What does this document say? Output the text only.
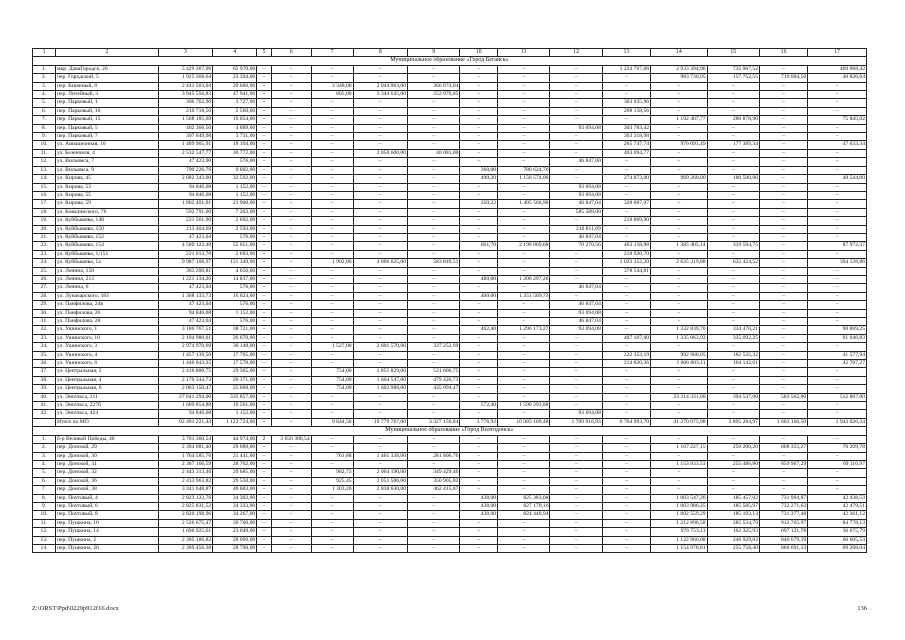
1	2	3	4	5	6	7	8	9	10	11	12	13	14	15	16	17
Муниципальное образование «Город Бегайск»																
1.	мкр. ДаваГородск, 26	5 429 367,96	65 970,00	–	–	–	–	–	–	–	–	1 224 767,06	2 933 394,96	735 967,52	–	469 068,42
2.	пер. Городский, 5	1 925 368,64	23 394,00	–	–	–	–	–	–	–	–	–	983 730,95	157 752,55	719 604,50	40 826,64
3.	пер. Книжный, 8	2 441 503,04	29 666,00	–	–	3 348,00	2 044 963,00	366 874,04	–	–	–	–	–	–	–	–
4.	пер. Литейный, 3	3 945 556,83	47 941,00	–	–	805,00	3 344 645,00	552 970,85	–	–	–	–	–	–	–	–
5.	пер. Парковый, 1	306 762,96	3 727,00	–	–	–	–	–	–	–	–	303 035,96	–	–	–	–
6.	пер. Парковый, 10	210 718,56	2 560,00	–	–	–	–	–	–	–	–	208 158,56	–	–	–	–
7.	пер. Парковый, 15	1 568 185,69	19 054,00	–	–	–	–	–	–	–	–	–	1 192 407,77	280 878,90	–	75 845,02
8.	пер. Парковый, 5	402 366,50	4 889,00	–	–	–	–	–	–	–	93 694,08	303 783,42	–	–	–	–
9.	пер. Парковый, 7	307 049,98	3 731,00	–	–	–	–	–	–	–	–	303 318,98	–	–	–	–
10.	ул. Авиационная, 10	1 489 965,91	18 104,00	–	–	–	–	–	–	–	–	265 747,74	976 091,49	177 389,34	–	47 633,34
11.	ул. Безенчеля, 4	2 532 547,77	30 772,00	–	–	–	2 058 600,00	40 081,00	–	–	–	403 094,77	–	–	–	–
12.	ул. Вильямса, 7	47 423,00	576,00	–	–	–	–	–	–	–	46 847,00	–	–	–	–	–
13.	ул. Вильямса, 9	790 226,76	9 602,00	–	–	–	–	–	360,00	780 624,76	–	–	–	–	–	–
14.	ул. Кирова, 45	2 682 343,00	32 592,00	–	–	–	–	–	490,20	1 156 574,00	–	274 873,00	969 260,00	180 500,00	–	48 544,00
15.	ул. Кирова, 53	94 846,08	1 152,00	–	–	–	–	–	–	–	93 694,08	–	–	–	–	–
16.	ул. Кирова, 55	94 846,08	1 152,00	–	–	–	–	–	–	–	93 694,08	–	–	–	–	–
17.	ул. Кирова, 59	1 802 401,01	21 900,00	–	–	–	–	–	350,22	1 405 566,90	46 847,04	328 087,07	–	–	–	–
18.	ул. Ковалинского, 76	592 791,00	7 203,00	–	–	–	–	–	–	–	585 588,00	–	–	–	–	–
19.	ул. Куйбышева, 148	221 561,90	2 692,00	–	–	–	–	–	–	–	–	218 869,90	–	–	–	–
20.	ул. Куйбышева, 150	213 404,69	2 593,00	–	–	–	–	–	–	–	210 811,69	–	–	–	–	–
21.	ул. Куйбышева, 152	47 423,04	576,00	–	–	–	–	–	–	–	46 847,04	–	–	–	–	–
22.	ул. Куйбышева, 154	4 580 122,48	55 651,00	–	–	–	–	–	661,70	2 198 069,68	70 270,56	463 158,98	1 385 405,14	319 594,75	–	87 972,37
23.	ул. Куйбышева, 1/151	221 613,70	2 693,00	–	–	–	–	–	–	–	–	218 920,70	–	–	–	–
24.	ул. Куйбышева, 1а	9 987 108,97	121 349,00	–	–	1 902,00	4 606 625,00	583 849,51	–	–	–	1 023 352,20	2 625 319,88	632 424,52	–	394 128,86
25.	ул. Ленина, 158	383 200,81	4 656,00	–	–	–	–	–	–	–	–	378 544,81	–	–	–	–
26.	ул. Ленина, 213	1 221 134,26	14 837,00	–	–	–	–	–	480,00	1 206 297,26	–	–	–	–	–	–
27.	ул. Ленина, 6	47 423,04	576,00	–	–	–	–	–	–	–	46 847,04	–	–	–	–	–
28.	ул. Луначарского, 183	1 368 133,73	16 624,00	–	–	–	–	–	400,00	1 351 509,73	–	–	–	–	–	–
29.	ул. Панфилова, 24в	47 423,04	576,00	–	–	–	–	–	–	–	46 847,04	–	–	–	–	–
30.	ул. Панфилова, 26	94 846,08	1 152,00	–	–	–	–	–	–	–	93 694,08	–	–	–	–	–
31.	ул. Панфилова, 28	47 423,04	576,00	–	–	–	–	–	–	–	46 847,04	–	–	–	–	–
32.	ул. Ушинского, 1	3 186 767,51	38 721,00	–	–	–	–	–	462,40	1 296 173,27	93 694,08	–	1 332 839,70	334 470,21	–	90 869,25
33.	ул. Ушинского, 10	2 194 980,01	26 670,00	–	–	–	–	–	–	–	–	407 107,00	1 335 063,93	335 092,25	–	91 046,83
34.	ул. Ушинского, 3	2 974 970,69	36 148,00	–	–	1 527,00	2 601 570,00	337 252,69	–	–	–	–	–	–	–	–
35.	ул. Ушинского, 4	1 457 139,50	17 705,00	–	–	–	–	–	–	–	–	222 353,19	992 968,05	182 535,32	–	41 577,94
36.	ул. Ушинского, 6	1 446 043,35	17 570,00	–	–	–	–	–	–	–	–	214 820,36	1 006 803,11	164 142,61	–	42 707,27
37.	ул. Центральная, 2	2 416 800,75	29 365,00	–	–	754,00	1 855 829,00	531 606,75	–	–	–	–	–	–	–	–
38.	ул. Центральная, 4	2 170 344,73	26 371,00	–	–	754,00	1 664 547,00	479 426,73	–	–	–	–	–	–	–	–
39.	ул. Центральная, 6	2 063 150,47	25 068,00	–	–	754,00	1 602 988,00	435 094,47	–	–	–	–	–	–	–	–
40.	ул. Энгельса, 211	27 641 294,00	335 857,00	–	–	–	–	–	–	–	–	–	23 314 331,00	394 537,00	583 562,00	512 807,00
41.	ул. Энгельса, 227б	1 609 854,88	19 561,00	–	–	–	–	–	572,40	1 590 293,88	–	–	–	–	–	–
42.	ул. Энгельса, 424	94 846,08	1 152,00	–	–	–	–	–	–	–	93 694,08	–	–	–	–	–
	Итого по МО	92 401 221,44	1 122 724,00	–	–	9 844,50	19 779 767,00	3 327 156,04	3 776,92	10 985 109,48	1 709 916,93	6 764 993,70	41 270 075,98	3 895 284,97	1 603 166,50	1 943 026,34
Муниципальное образование «Город Волгодонск»																
1.	б-р Великой Победы, 40	3 701 360,54	44 974,00	2	3 656 386,54	–	–	–	–	–	–	–	–	–	–	–
2.	пер. Донской, 29	2 394 081,40	29 089,00	–	–	–	–	–	–	–	–	–	1 167 227,15	259 200,20	868 355,27	70 209,78
3.	пер. Донской, 30	1 764 585,76	21 441,00	–	–	761,88	1 461 338,00	281 806,76	–	–	–	–	–	–	–	–
4.	пер. Донской, 31	2 367 166,59	28 762,00	–	–	–	–	–	–	–	–	–	1 153 833,53	255 486,80	859 967,29	69 116,97
5.	пер. Донской, 32	2 443 313,46	29 685,00	–	–	982,73	2 064 190,00	349 429,46	–	–	–	–	–	–	–	–
6.	пер. Донской, 36	2 433 963,82	29 550,00	–	–	925,45	2 051 506,00	350 905,82	–	–	–	–	–	–	–	–
7.	пер. Донской, 38	3 341 648,87	40 603,00	–	–	1 303,20	2 838 630,00	462 415,87	–	–	–	–	–	–	–	–
8.	пер. Почтовый, 4	2 823 122,76	34 302,00	–	–	–	–	–	438,00	825 383,08	–	–	1 003 547,26	185 457,02	731 994,87	42 438,53
9.	пер. Почтовый, 6	2 825 831,52	34 333,00	–	–	–	–	–	438,00	827 170,16	–	–	1 003 986,25	185 585,97	732 271,63	42 479,51
10.	пер. Почтовый, 8	2 820 198,96	34 267,00	–	–	–	–	–	438,00	824 440,94	–	–	1 002 559,29	185 193,13	731 377,48	42 361,12
11.	пер. Пушкина, 10	2 526 675,47	30 700,00	–	–	–	–	–	–	–	–	–	1 212 896,58	285 534,79	912 765,97	84 778,13
12.	пер. Пушкина, 14	1 696 925,61	23 049,00	–	–	–	–	–	–	–	–	–	976 753,11	162 325,93	697 121,78	36 675,79
13.	пер. Пушкина, 2	2 305 186,82	28 009,00	–	–	–	–	–	–	–	–	–	1 122 966,08	246 929,02	840 679,19	66 605,53
14.	пер. Пушкина, 20	2 369 456,38	28 790,00	–	–	–	–	–	–	–	–	–	1 154 978,81	255 758,40	860 691,13	69 208,04
Z:\ORST\Ppd\0229p912f16.docx	136
